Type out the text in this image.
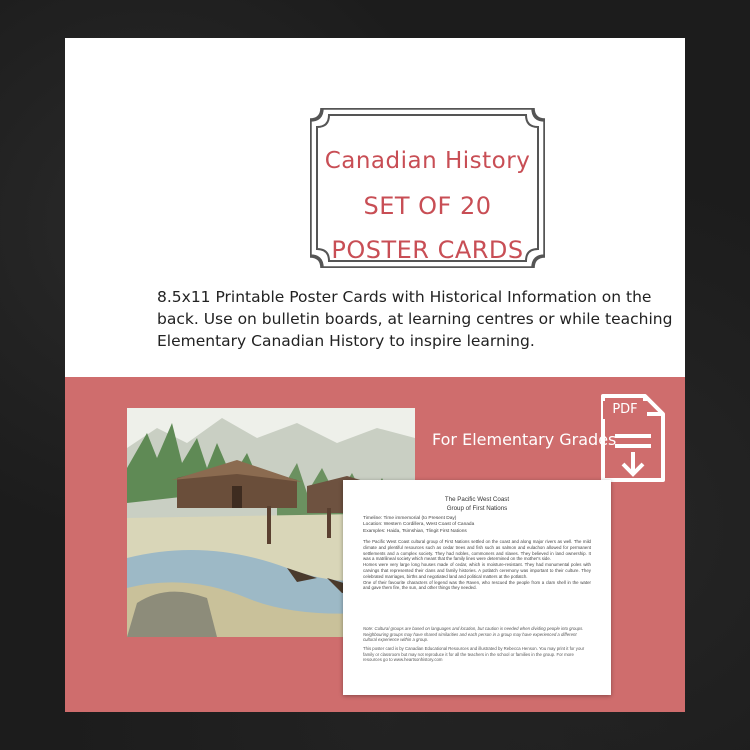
Canadian History
SET OF 20
POSTER CARDS
8.5x11 Printable Poster Cards with Historical Information on the back. Use on bulletin boards, at learning centres or while teaching Elementary Canadian History to inspire learning.
For Elementary Grades
PDF
The Pacific West Coast
Group of First Nations
Timeline: Time immemorial (to Present Day)
Location: Western Cordillera, West Coast of Canada
Examples: Haida, Tsimshian, Tlingit First Nations

The Pacific West Coast cultural group of First Nations settled on the coast and along major rivers as well. The mild climate and plentiful resources such as cedar trees and fish such as salmon and eulachon allowed for permanent settlements and a complex society. They had nobles, commoners and slaves. They believed in land ownership. It was a matrilineal society which meant that the family lines were determined on the mother's side.

Homes were very large long houses made of cedar, which is moisture-resistant. They had monumental poles with carvings that represented their clans and family histories. A potlatch ceremony was important to their culture. They celebrated marriages, births and negotiated land and political matters at the potlatch.

One of their favourite characters of legend was the Raven, who rescued the people from a clam shell in the water and gave them fire, the sun, and other things they needed.

Note: Cultural groups are based on languages and location, but caution is needed when dividing people into groups. Neighbouring groups may have shared similarities and each person in a group may have experienced a different cultural experience within a group.
This poster card is by Canadian Educational Resources and illustrated by Rebecca Henson. You may print it for your family or classroom but may not reproduce it for all the teachers in the school or families in the group. For more resources go to www.heartsonhistory.com
